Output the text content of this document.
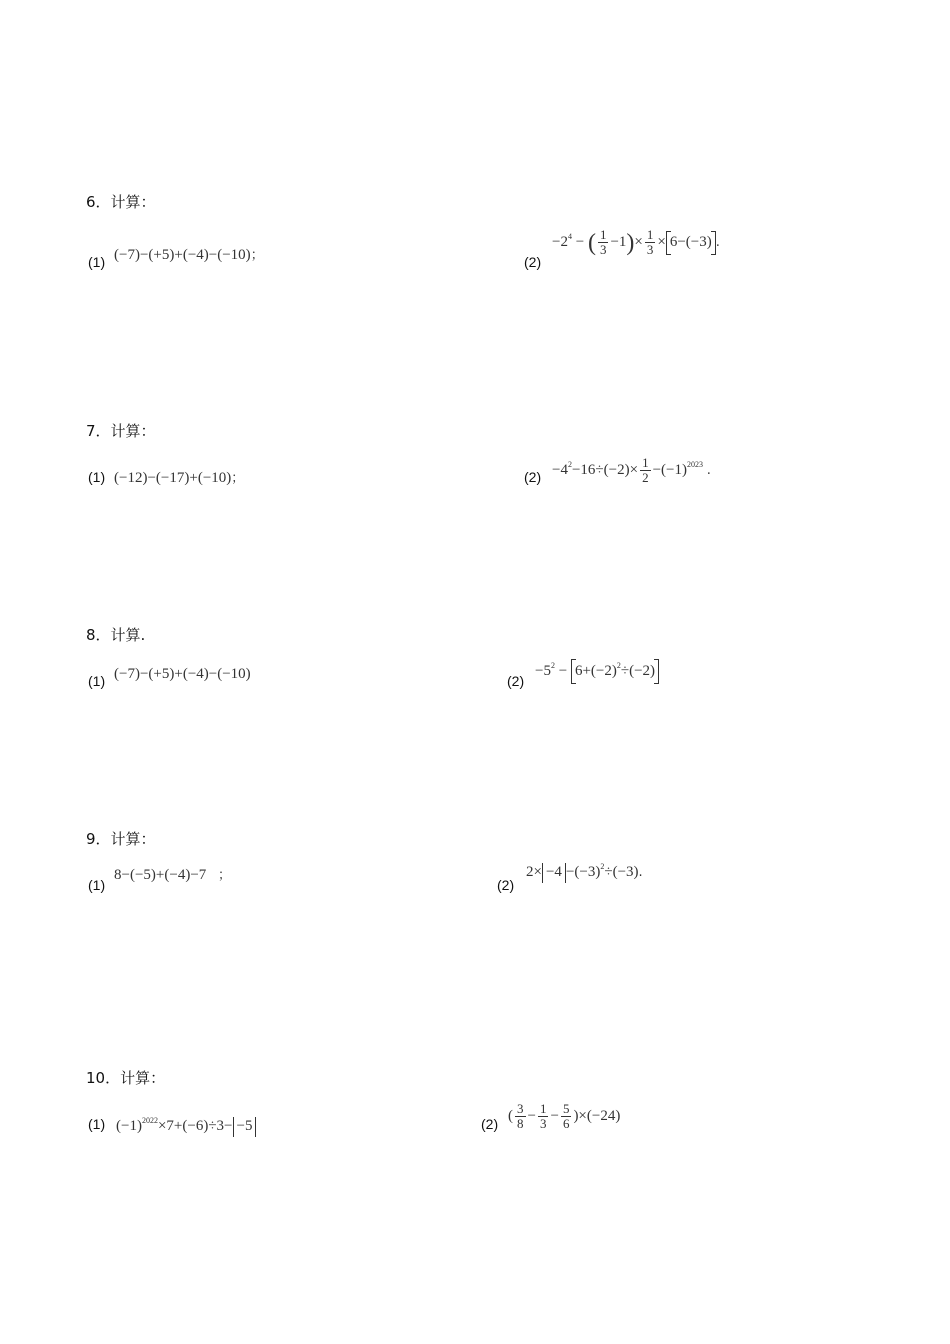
6．计算：
(1) (−7)−(+5)+(−4)−(−10)；	(2)
$-2^4$ − ( $\frac{1}{3} -1)\times \frac{1}{3} \times 6-(-3)$ .
7．计算：
(1) (−12)−(−17)+(−10)；	$(2) -4^2-16\div(-2)\times \frac{1}{2} -(-1)^{2023}$ .
8．计算.
(1) (−7)−(+5)+(−4)−(−10)	(2)
$-5^2 - 6+(-2)^2\div(-2)$
9．计算：
(1)
8−(−5)+(−4)−7 ；
(2)
$2\times -4 -(-3)^2\div(-3)$.
10．计算：
(1) $(-1)^{2022}\times 7+(-6)\div 3- -5$	(2) ( $\frac{3}{8} - \frac{1}{3} - \frac{5}{6} )\times(-24)$
